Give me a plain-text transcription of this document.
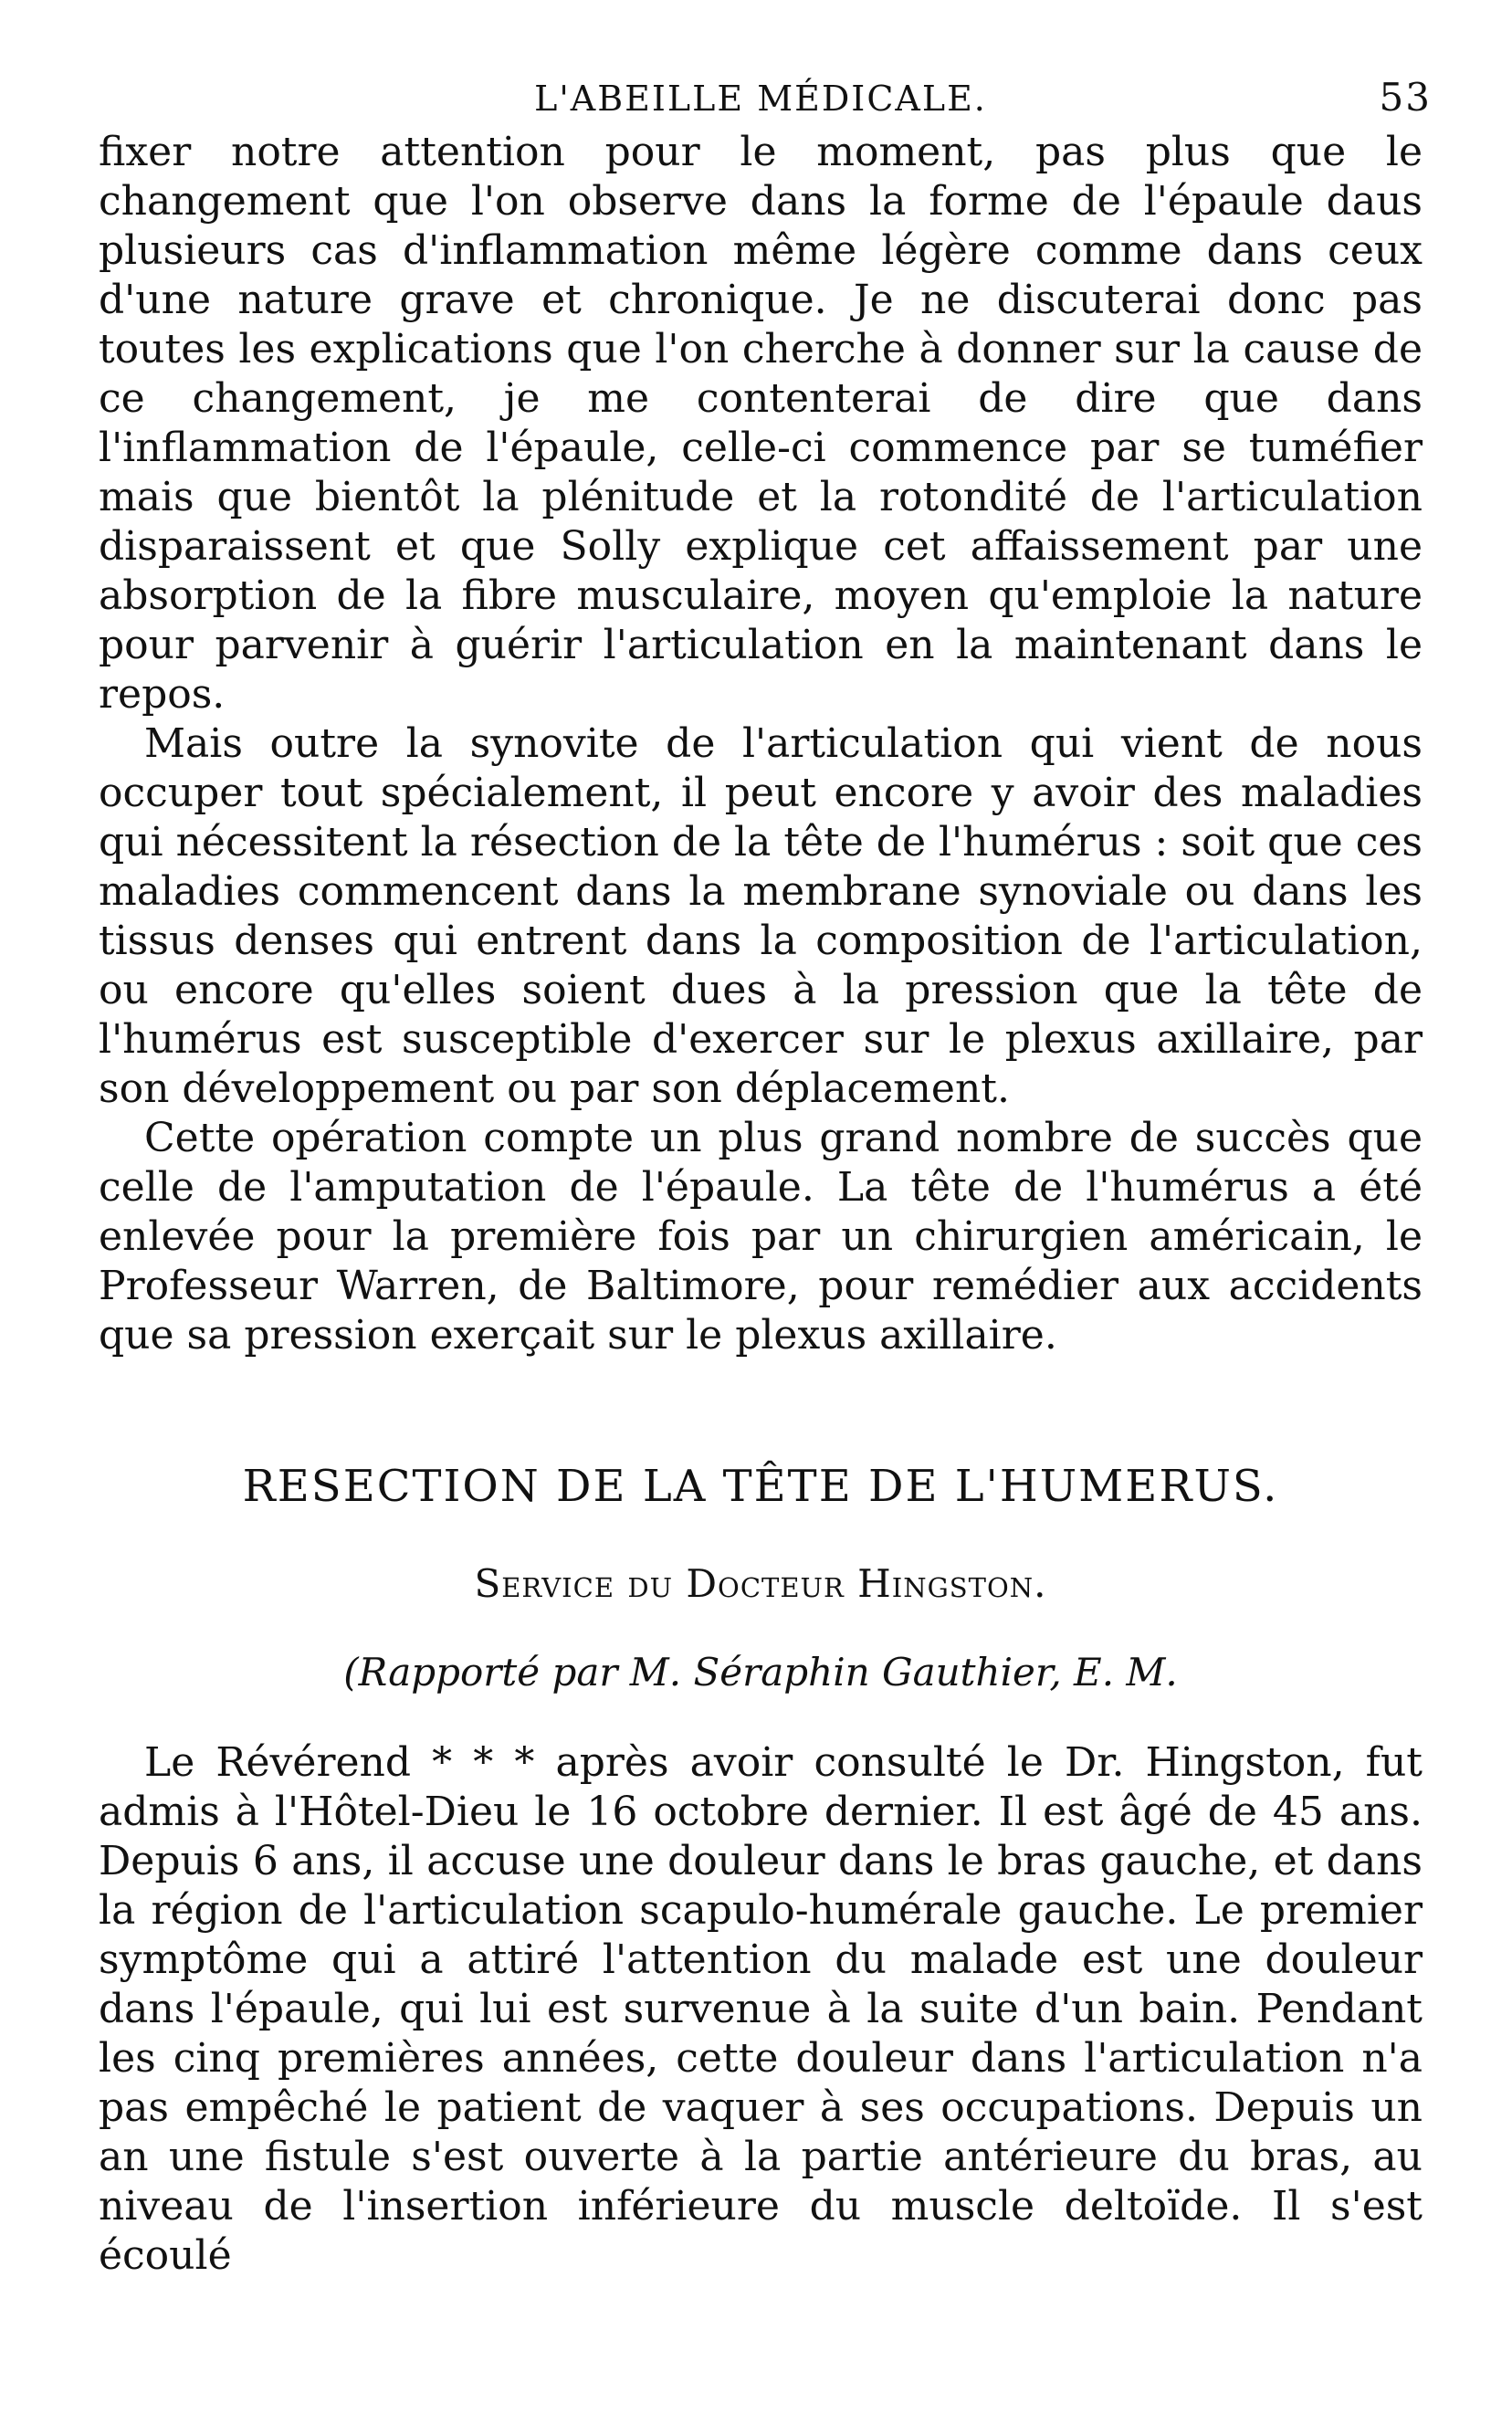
L'ABEILLE MÉDICALE.	53

fixer notre attention pour le moment, pas plus que le changement que l'on observe dans la forme de l'épaule daus plusieurs cas d'inflammation même légère comme dans ceux d'une nature grave et chronique. Je ne discuterai donc pas toutes les explications que l'on cherche à donner sur la cause de ce changement, je me contenterai de dire que dans l'inflammation de l'épaule, celle-ci commence par se tuméfier mais que bientôt la plénitude et la rotondité de l'articulation disparaissent et que Solly explique cet affaissement par une absorption de la fibre musculaire, moyen qu'emploie la nature pour parvenir à guérir l'articulation en la maintenant dans le repos.

Mais outre la synovite de l'articulation qui vient de nous occuper tout spécialement, il peut encore y avoir des maladies qui nécessitent la résection de la tête de l'humérus : soit que ces maladies commencent dans la membrane synoviale ou dans les tissus denses qui entrent dans la composition de l'articulation, ou encore qu'elles soient dues à la pression que la tête de l'humérus est susceptible d'exercer sur le plexus axillaire, par son développement ou par son déplacement.

Cette opération compte un plus grand nombre de succès que celle de l'amputation de l'épaule. La tête de l'humérus a été enlevée pour la première fois par un chirurgien américain, le Professeur Warren, de Baltimore, pour remédier aux accidents que sa pression exerçait sur le plexus axillaire.

RESECTION DE LA TÊTE DE L'HUMERUS.
Service du Docteur Hingston.
(Rapporté par M. Séraphin Gauthier, E. M.

Le Révérend * * * après avoir consulté le Dr. Hingston, fut admis à l'Hôtel-Dieu le 16 octobre dernier. Il est âgé de 45 ans. Depuis 6 ans, il accuse une douleur dans le bras gauche, et dans la région de l'articulation scapulo-humérale gauche. Le premier symptôme qui a attiré l'attention du malade est une douleur dans l'épaule, qui lui est survenue à la suite d'un bain. Pendant les cinq premières années, cette douleur dans l'articulation n'a pas empêché le patient de vaquer à ses occupations. Depuis un an une fistule s'est ouverte à la partie antérieure du bras, au niveau de l'insertion inférieure du muscle deltoïde. Il s'est écoulé
